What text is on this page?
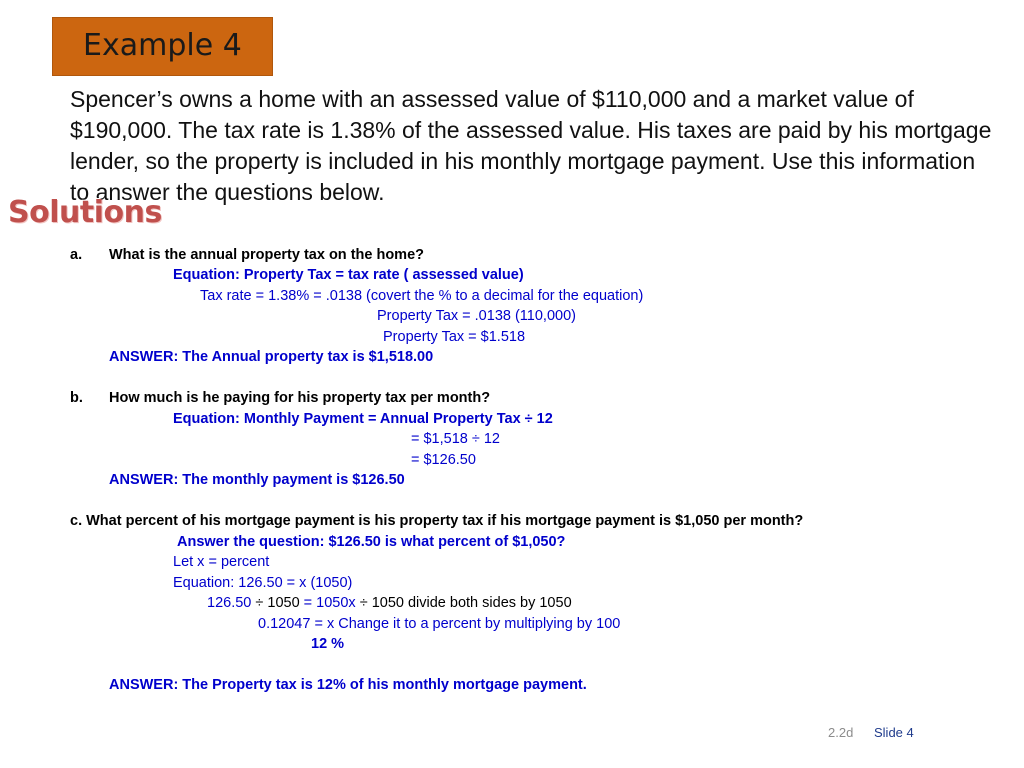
Example 4
Spencer’s owns a home with an assessed value of $110,000 and a market value of $190,000. The tax rate is 1.38% of the assessed value. His taxes are paid by his mortgage lender, so the property is included in his monthly mortgage payment. Use this information to answer the questions below.
Solutions
a. What is the annual property tax on the home?
Equation: Property Tax = tax rate ( assessed value)
Tax rate = 1.38% = .0138 (covert the % to a decimal for the equation)
Property Tax = .0138 (110,000)
Property Tax = $1.518
ANSWER: The Annual property tax is $1,518.00
b. How much is he paying for his property tax per month?
Equation: Monthly Payment = Annual Property Tax ÷ 12
= $1,518 ÷ 12
= $126.50
ANSWER: The monthly payment is $126.50
c. What percent of his mortgage payment is his property tax if his mortgage payment is $1,050 per month?
Answer the question: $126.50 is what percent of $1,050?
Let x = percent
Equation: 126.50 = x (1050)
126.50 ÷ 1050 = 1050x ÷ 1050 divide both sides by 1050
0.12047 = x Change it to a percent by multiplying by 100
12 %
ANSWER: The Property tax is 12% of his monthly mortgage payment.
2.2d Slide 4
